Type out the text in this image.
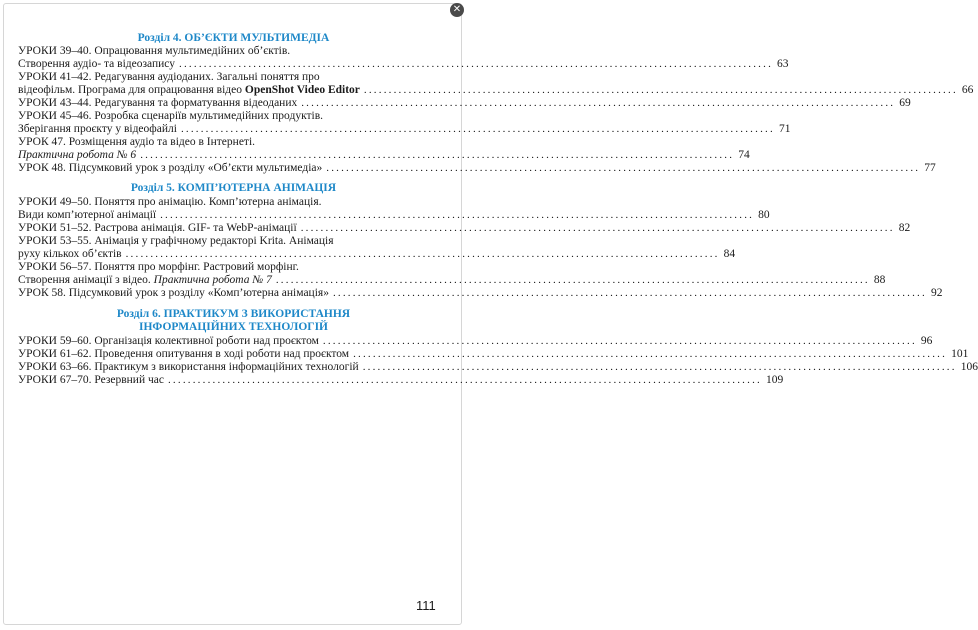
✕
Розділ 4. ОБ’ЄКТИ МУЛЬТИМЕДІА
УРОКИ 39–40. Опрацювання мультимедійних об’єктів.
Створення аудіо- та відеозапису ........................................................................................................................ 63
УРОКИ 41–42. Редагування аудіоданих. Загальні поняття про
відеофільм. Програма для опрацювання відео OpenShot Video Editor ........................................................................................................................ 66
УРОКИ 43–44. Редагування та форматування відеоданих ........................................................................................................................ 69
УРОКИ 45–46. Розробка сценаріїв мультимедійних продуктів.
Зберігання проєкту у відеофайлі ........................................................................................................................ 71
УРОК 47. Розміщення аудіо та відео в Інтернеті.
Практична робота № 6 ........................................................................................................................ 74
УРОК 48. Підсумковий урок з розділу «Об’єкти мультимедіа» ........................................................................................................................ 77
Розділ 5. КОМП’ЮТЕРНА АНІМАЦІЯ
УРОКИ 49–50. Поняття про анімацію. Комп’ютерна анімація.
Види комп’ютерної анімації ........................................................................................................................ 80
УРОКИ 51–52. Растрова анімація. GIF- та WebP-анімації ........................................................................................................................ 82
УРОКИ 53–55. Анімація у графічному редакторі Krita. Анімація
руху кількох об’єктів ........................................................................................................................ 84
УРОКИ 56–57. Поняття про морфінг. Растровий морфінг.
Створення анімації з відео. Практична робота № 7 ........................................................................................................................ 88
УРОК 58. Підсумковий урок з розділу «Комп’ютерна анімація» ........................................................................................................................ 92
Розділ 6. ПРАКТИКУМ З ВИКОРИСТАННЯ
ІНФОРМАЦІЙНИХ ТЕХНОЛОГІЙ
УРОКИ 59–60. Організація колективної роботи над проєктом ........................................................................................................................ 96
УРОКИ 61–62. Проведення опитування в ході роботи над проєктом ........................................................................................................................ 101
УРОКИ 63–66. Практикум з використання інформаційних технологій ........................................................................................................................ 106
УРОКИ 67–70. Резервний час ........................................................................................................................ 109
111
